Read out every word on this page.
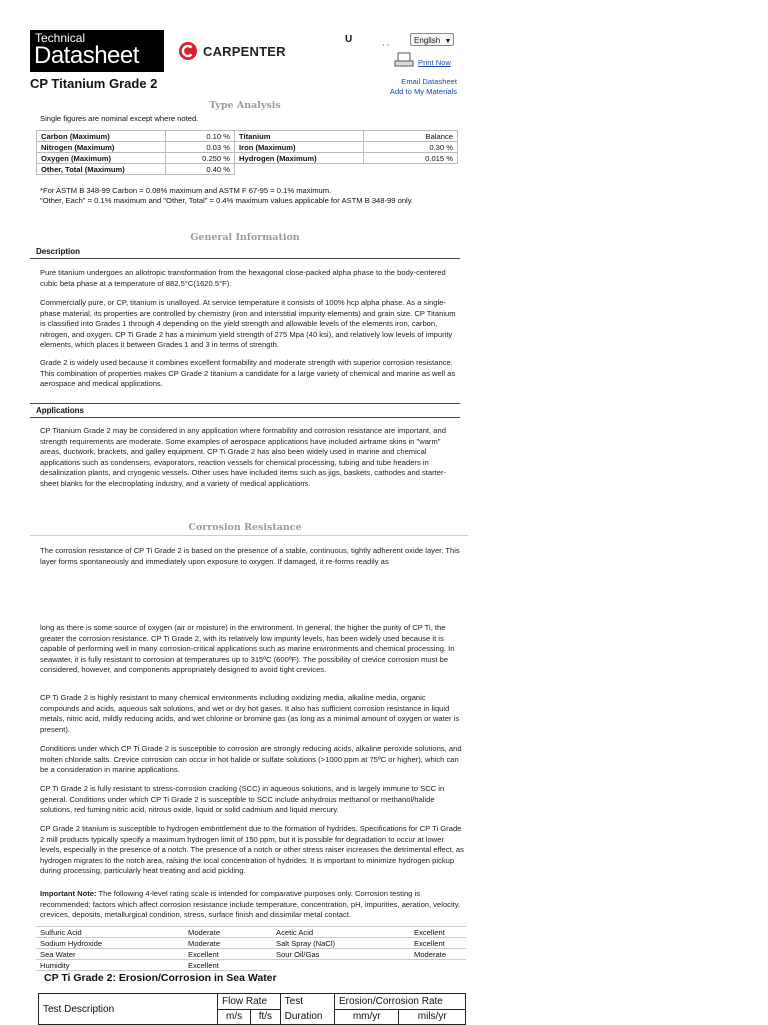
Technical
Datasheet	CARPENTER
U
⋅ ⋅
English ▼
Print Now
Email Datasheet
Add to My Materials
CP Titanium Grade 2
Type Analysis
Single figures are nominal except where noted.
Carbon (Maximum)	0.10 %	Titanium	Balance
Nitrogen (Maximum)	0.03 %	Iron (Maximum)	0.30 %
Oxygen (Maximum)	0.250 %	Hydrogen (Maximum)	0.015 %
Other, Total (Maximum)	0.40 %		
*For ASTM B 348-99 Carbon = 0.08% maximum and ASTM F 67-95 = 0.1% maximum.
"Other, Each" = 0.1% maximum and "Other, Total" = 0.4% maximum values applicable for ASTM B 348-99 only.
General Information
Description

Pure titanium undergoes an allotropic transformation from the hexagonal close-packed alpha phase to the body-centered cubic beta phase at a temperature of 882.5°C(1620.5°F).

Commercially pure, or CP, titanium is unalloyed. At service temperature it consists of 100% hcp alpha phase. As a single-phase material, its properties are controlled by chemistry (iron and interstitial impurity elements) and grain size. CP Titanium is classified into Grades 1 through 4 depending on the yield strength and allowable levels of the elements iron, carbon, nitrogen, and oxygen. CP Ti Grade 2 has a minimum yield strength of 275 Mpa (40 ksi), and relatively low levels of impurity elements, which places it between Grades 1 and 3 in terms of strength.

Grade 2 is widely used because it combines excellent formability and moderate strength with superior corrosion resistance. This combination of properties makes CP Grade 2 titanium a candidate for a large variety of chemical and marine as well as aerospace and medical applications.

Applications

CP Titanium Grade 2 may be considered in any application where formability and corrosion resistance are important, and strength requirements are moderate. Some examples of aerospace applications have included airframe skins in "warm" areas, ductwork, brackets, and galley equipment. CP Ti Grade 2 has also been widely used in marine and chemical applications such as condensers, evaporators, reaction vessels for chemical processing, tubing and tube headers in desalinization plants, and cryogenic vessels. Other uses have included items such as jigs, baskets, cathodes and starter-sheet blanks for the electroplating industry, and a variety of medical applications.

Corrosion Resistance

The corrosion resistance of CP Ti Grade 2 is based on the presence of a stable, continuous, tightly adherent oxide layer. This layer forms spontaneously and immediately upon exposure to oxygen. If damaged, it re-forms readily as

long as there is some source of oxygen (air or moisture) in the environment. In general, the higher the purity of CP Ti, the greater the corrosion resistance. CP Ti Grade 2, with its relatively low impurity levels, has been widely used because it is capable of performing well in many corrosion-critical applications such as marine environments and chemical processing. In seawater, it is fully resistant to corrosion at temperatures up to 315ºC (600ºF). The possibility of crevice corrosion must be considered, however, and components appropriately designed to avoid tight crevices.

CP Ti Grade 2 is highly resistant to many chemical environments including oxidizing media, alkaline media, organic compounds and acids, aqueous salt solutions, and wet or dry hot gases. It also has sufficient corrosion resistance in liquid metals, nitric acid, mildly reducing acids, and wet chlorine or bromine gas (as long as a minimal amount of oxygen or water is present).

Conditions under which CP Ti Grade 2 is susceptible to corrosion are strongly reducing acids, alkaline peroxide solutions, and molten chloride salts. Crevice corrosion can occur in hot halide or sulfate solutions (>1000 ppm at 75ºC or higher), which can be a consideration in marine applications.

CP Ti Grade 2 is fully resistant to stress-corrosion cracking (SCC) in aqueous solutions, and is largely immune to SCC in general. Conditions under which CP Ti Grade 2 is susceptible to SCC include anhydrous methanol or methanol/halide solutions, red fuming nitric acid, nitrous oxide, liquid or solid cadmium and liquid mercury.

CP Grade 2 titanium is susceptible to hydrogen embrittlement due to the formation of hydrides. Specifications for CP Ti Grade 2 mill products typically specify a maximum hydrogen limit of 150 ppm, but it is possible for degradation to occur at lower levels, especially in the presence of a notch. The presence of a notch or other stress raiser increases the detrimental effect, as hydrogen migrates to the notch area, raising the local concentration of hydrides. It is important to minimize hydrogen pickup during processing, particularly heat treating and acid pickling.

Important Note: The following 4-level rating scale is intended for comparative purposes only. Corrosion testing is recommended; factors which affect corrosion resistance include temperature, concentration, pH, impurities, aeration, velocity, crevices, deposits, metallurgical condition, stress, surface finish and dissimilar metal contact.

Sulfuric Acid	Moderate	Acetic Acid	Excellent
Sodium Hydroxide	Moderate	Salt Spray (NaCl)	Excellent
Sea Water	Excellent	Sour Oil/Gas	Moderate
Humidity	Excellent		
CP Ti Grade 2: Erosion/Corrosion in Sea Water
Test Description	Flow Rate		Test	Erosion/Corrosion Rate	
	m/s	ft/s	Duration	mm/yr	mils/yr
